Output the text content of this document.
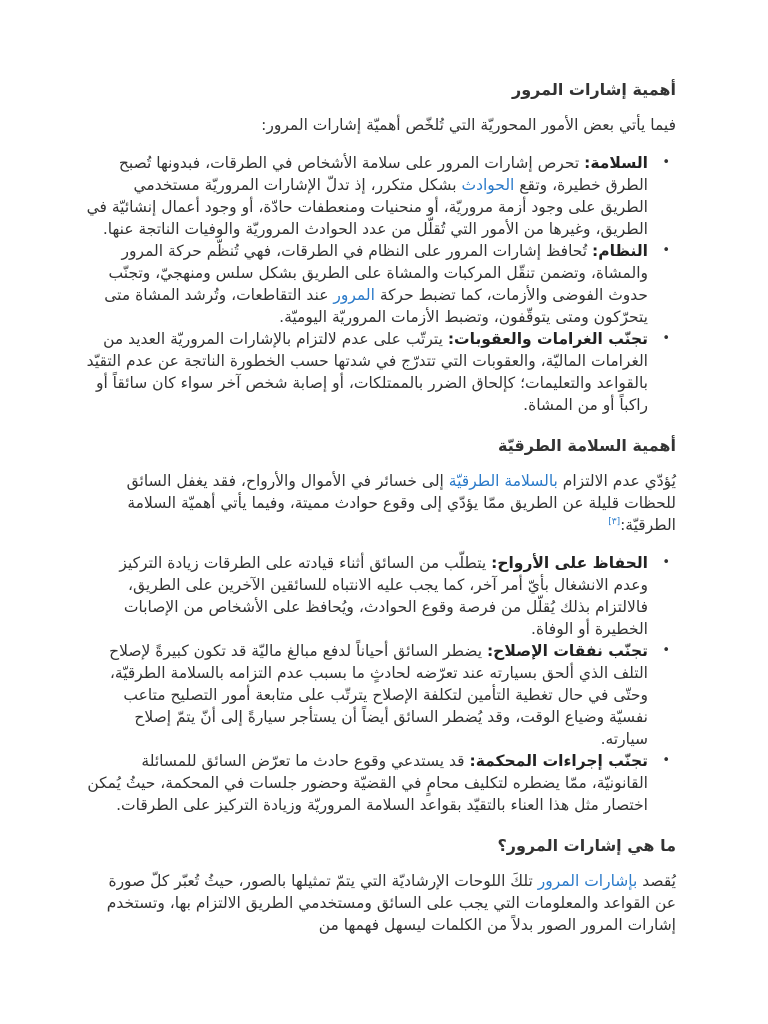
أهمية إشارات المرور

فيما يأتي بعض الأمور المحوريّة التي تُلخّص أهميّة إشارات المرور:

• السلامة: تحرص إشارات المرور على سلامة الأشخاص في الطرقات، فبدونها تُصبح الطرق خطيرة، وتقع الحوادث بشكل متكرر، إذ تدلّ الإشارات المروريّة مستخدمي الطريق على وجود أزمة مروريّة، أو منحنيات ومنعطفات حادّة، أو وجود أعمال إنشائيّة في الطريق، وغيرها من الأمور التي تُقلّل من عدد الحوادث المروريّة والوفيات الناتجة عنها.
• النظام: تُحافظ إشارات المرور على النظام في الطرقات، فهي تُنظّم حركة المرور والمشاة، وتضمن تنقّل المركبات والمشاة على الطريق بشكل سلس ومنهجيّ، وتجنّب حدوث الفوضى والأزمات، كما تضبط حركة المرور عند التقاطعات، وتُرشد المشاة متى يتحرّكون ومتى يتوقّفون، وتضبط الأزمات المروريّة اليوميّة.
• تجنّب الغرامات والعقوبات: يترتّب على عدم لالتزام بالإشارات المروريّة العديد من الغرامات الماليّة، والعقوبات التي تتدرّج في شدتها حسب الخطورة الناتجة عن عدم التقيّد بالقواعد والتعليمات؛ كإلحاق الضرر بالممتلكات، أو إصابة شخص آخر سواء كان سائقاً أو راكباً أو من المشاة.
أهمية السلامة الطرقيّة

يُؤدّي عدم الالتزام بالسلامة الطرقيّة إلى خسائر في الأموال والأرواح، فقد يغفل السائق للحظات قليلة عن الطريق ممّا يؤدّي إلى وقوع حوادث مميتة، وفيما يأتي أهميّة السلامة الطرقيّة:[٣]

• الحفاظ على الأرواح: يتطلّب من السائق أثناء قيادته على الطرقات زيادة التركيز وعدم الانشغال بأيّ أمر آخر، كما يجب عليه الانتباه للسائقين الآخرين على الطريق، فالالتزام بذلك يُقلّل من فرصة وقوع الحوادث، ويُحافظ على الأشخاص من الإصابات الخطيرة أو الوفاة.
• تجنّب نفقات الإصلاح: يضطر السائق أحياناً لدفع مبالغ ماليّة قد تكون كبيرةً لإصلاح التلف الذي ألحق بسيارته عند تعرّضه لحادثٍ ما بسبب عدم التزامه بالسلامة الطرقيّة، وحتّى في حال تغطية التأمين لتكلفة الإصلاح يترتّب على متابعة أمور التصليح متاعب نفسيّة وضياع الوقت، وقد يُضطر السائق أيضاً أن يستأجر سيارةً إلى أنّ يتمّ إصلاح سيارته.
• تجنّب إجراءات المحكمة: قد يستدعي وقوع حادث ما تعرّض السائق للمسائلة القانونيّة، ممّا يضطره لتكليف محامٍ في القضيّة وحضور جلسات في المحكمة، حيثُ يُمكن اختصار مثل هذا العناء بالتقيّد بقواعد السلامة المروريّة وزيادة التركيز على الطرقات.
ما هي إشارات المرور؟

يُقصد بإشارات المرور تلكَ اللوحات الإرشاديّة التي يتمّ تمثيلها بالصور، حيثُ تُعبّر كلّ صورة عن القواعد والمعلومات التي يجب على السائق ومستخدمي الطريق الالتزام بها، وتستخدم إشارات المرور الصور بدلاً من الكلمات ليسهل فهمها من
